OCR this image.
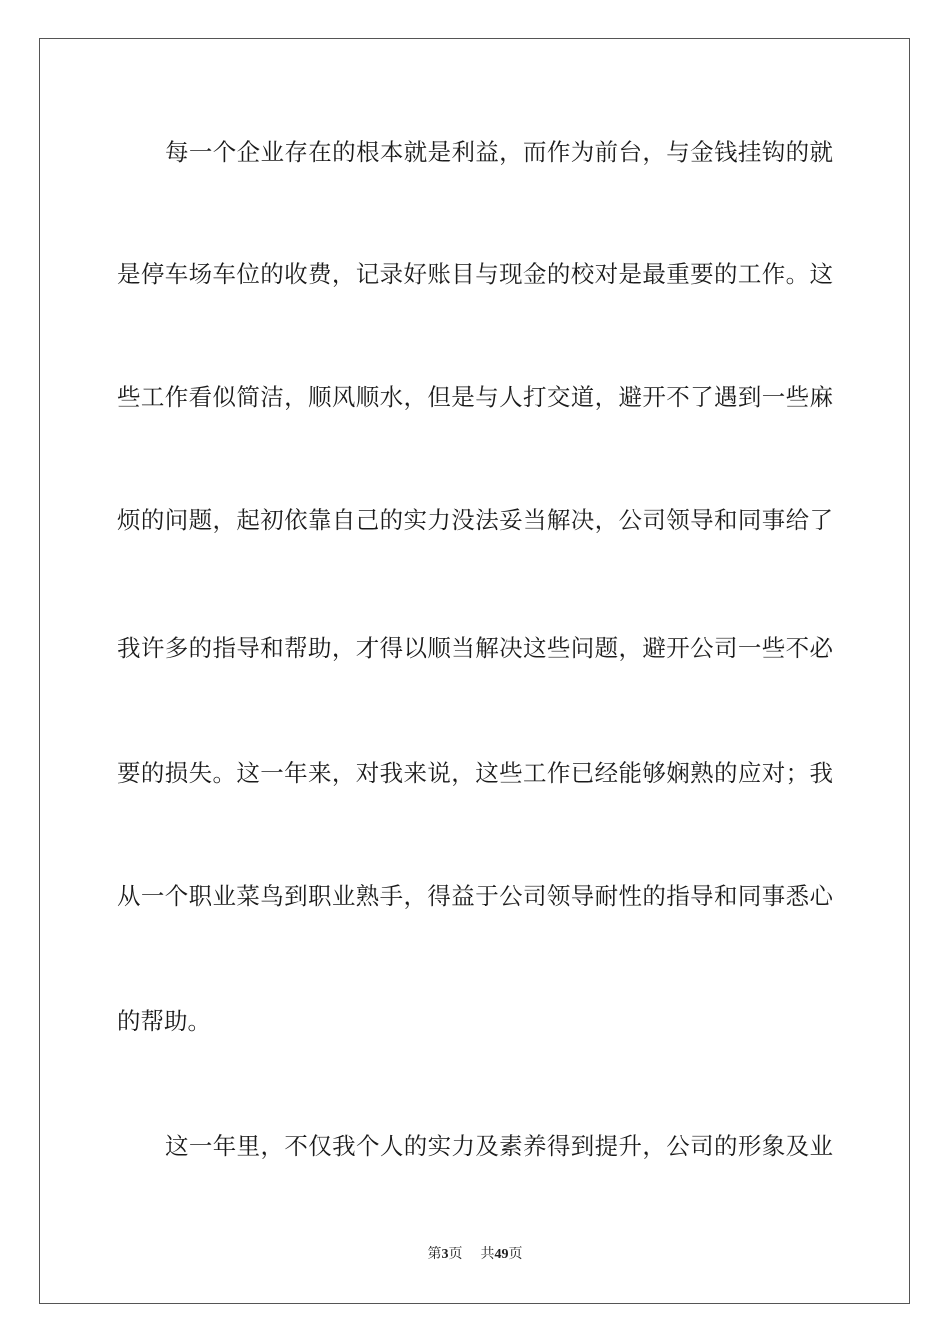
每一个企业存在的根本就是利益，而作为前台，与金钱挂钩的就
是停车场车位的收费，记录好账目与现金的校对是最重要的工作。这
些工作看似简洁，顺风顺水，但是与人打交道，避开不了遇到一些麻
烦的问题，起初依靠自己的实力没法妥当解决，公司领导和同事给了
我许多的指导和帮助，才得以顺当解决这些问题，避开公司一些不必
要的损失。这一年来，对我来说，这些工作已经能够娴熟的应对；我
从一个职业菜鸟到职业熟手，得益于公司领导耐性的指导和同事悉心
的帮助。
这一年里，不仅我个人的实力及素养得到提升，公司的形象及业
第3页 共49页
